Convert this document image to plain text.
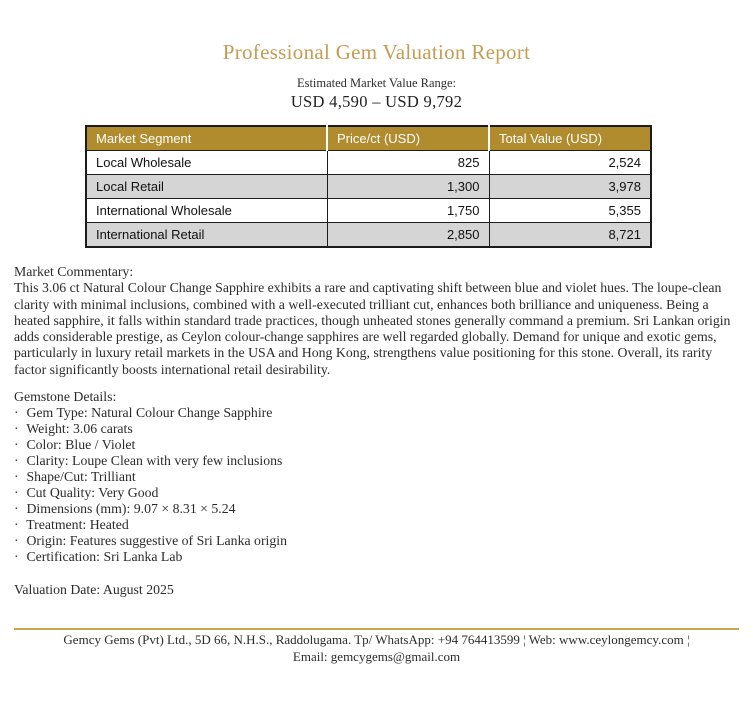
Professional Gem Valuation Report
Estimated Market Value Range:
USD 4,590 – USD 9,792
Market Segment	Price/ct (USD)	Total Value (USD)
Local Wholesale	825	2,524
Local Retail	1,300	3,978
International Wholesale	1,750	5,355
International Retail	2,850	8,721
Market Commentary:
This 3.06 ct Natural Colour Change Sapphire exhibits a rare and captivating shift between blue and violet hues. The loupe-clean clarity with minimal inclusions, combined with a well-executed trilliant cut, enhances both brilliance and uniqueness. Being a heated sapphire, it falls within standard trade practices, though unheated stones generally command a premium. Sri Lankan origin adds considerable prestige, as Ceylon colour-change sapphires are well regarded globally. Demand for unique and exotic gems, particularly in luxury retail markets in the USA and Hong Kong, strengthens value positioning for this stone. Overall, its rarity factor significantly boosts international retail desirability.
Gemstone Details:
· Gem Type: Natural Colour Change Sapphire
· Weight: 3.06 carats
· Color: Blue / Violet
· Clarity: Loupe Clean with very few inclusions
· Shape/Cut: Trilliant
· Cut Quality: Very Good
· Dimensions (mm): 9.07 × 8.31 × 5.24
· Treatment: Heated
· Origin: Features suggestive of Sri Lanka origin
· Certification: Sri Lanka Lab
Valuation Date: August 2025
Gemcy Gems (Pvt) Ltd., 5D 66, N.H.S., Raddolugama. Tp/ WhatsApp: +94 764413599 ¦ Web: www.ceylongemcy.com ¦
Email: gemcygems@gmail.com
